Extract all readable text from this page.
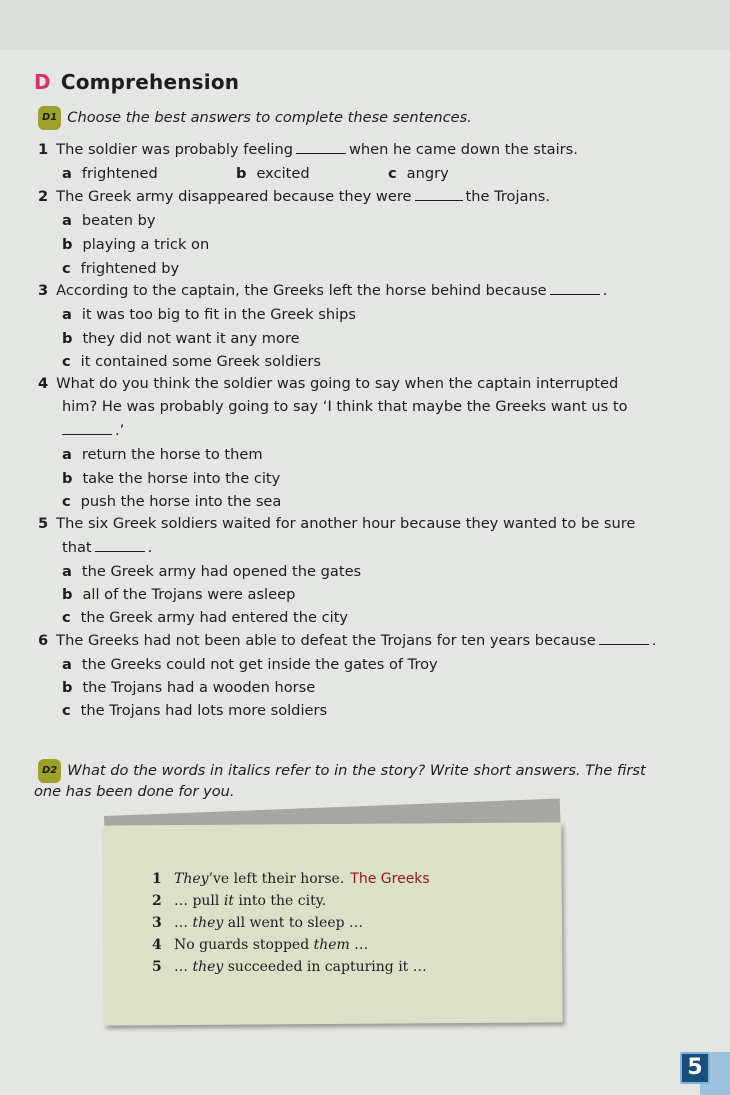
D Comprehension
D1 Choose the best answers to complete these sentences.
1 The soldier was probably feeling	when he came down the stairs.
a frightened	b excited	c angry
2 The Greek army disappeared because they were	the Trojans.
a beaten by
b playing a trick on
c frightened by
3 According to the captain, the Greeks left the horse behind because	.
a it was too big to fit in the Greek ships
b they did not want it any more
c it contained some Greek soldiers
4 What do you think the soldier was going to say when the captain interrupted
him? He was probably going to say ‘I think that maybe the Greeks want us to
.’
a return the horse to them
b take the horse into the city
c push the horse into the sea
5 The six Greek soldiers waited for another hour because they wanted to be sure
that	.
a the Greek army had opened the gates
b all of the Trojans were asleep
c the Greek army had entered the city
6 The Greeks had not been able to defeat the Trojans for ten years because	.
a the Greeks could not get inside the gates of Troy
b the Trojans had a wooden horse
c the Trojans had lots more soldiers
D2 What do the words in italics refer to in the story? Write short answers. The first
one has been done for you.
1 They’ve left their horse. The Greeks
2 … pull it into the city.
3 … they all went to sleep …
4 No guards stopped them …
5 … they succeeded in capturing it …
5
